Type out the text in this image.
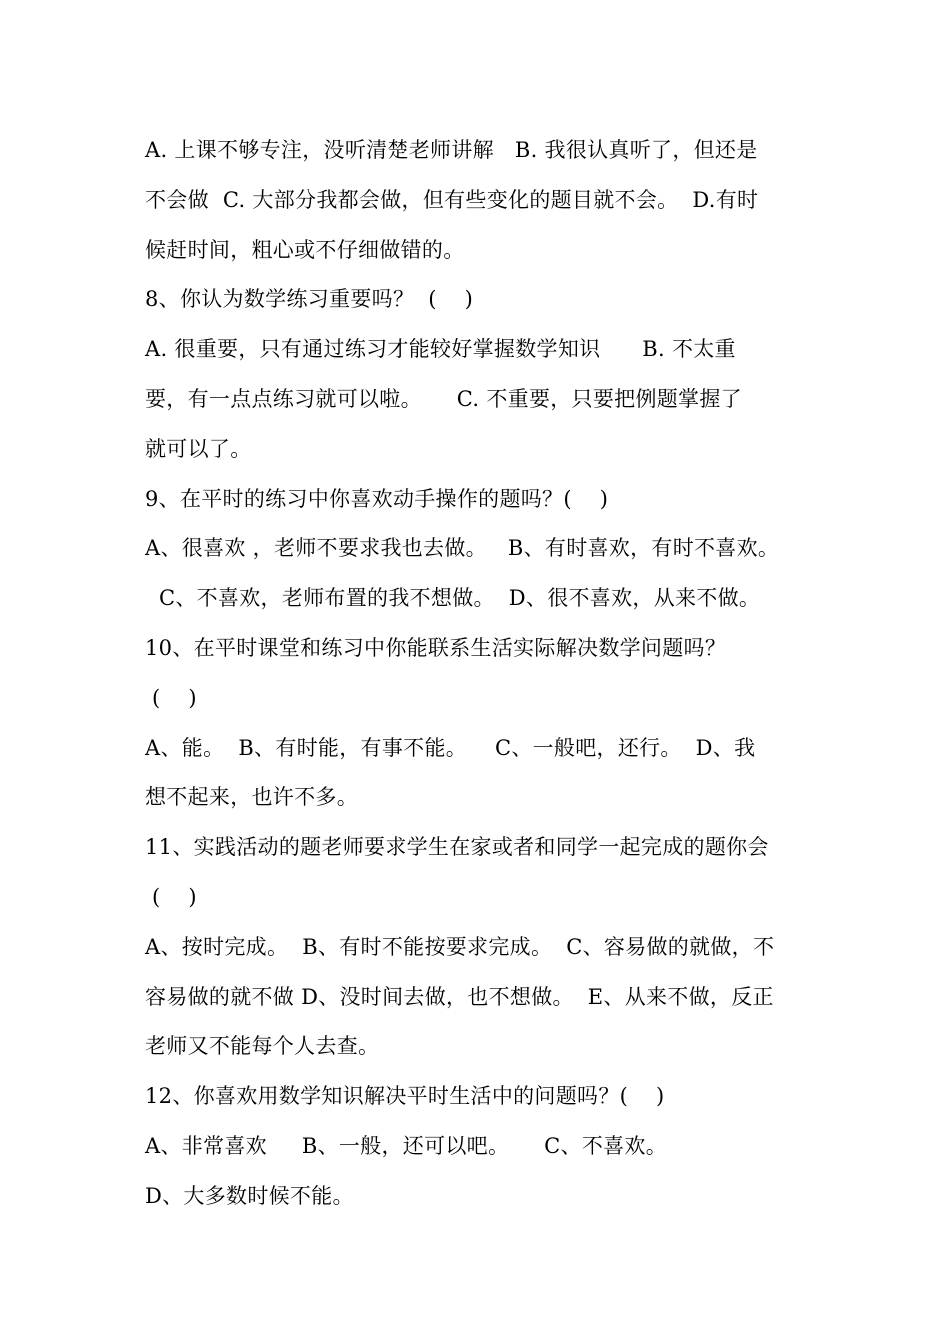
A. 上课不够专注，没听清楚老师讲解   B. 我很认真听了，但还是
不会做  C. 大部分我都会做，但有些变化的题目就不会。  D.有时
候赶时间，粗心或不仔细做错的。
8、你认为数学练习重要吗？  (    )
A. 很重要，只有通过练习才能较好掌握数学知识      B. 不太重
要，有一点点练习就可以啦。     C. 不重要，只要把例题掌握了
就可以了。
9、在平时的练习中你喜欢动手操作的题吗？(    )
A、很喜欢 ，老师不要求我也去做。   B、有时喜欢，有时不喜欢。
C、不喜欢，老师布置的我不想做。  D、很不喜欢，从来不做。
10、在平时课堂和练习中你能联系生活实际解决数学问题吗？
(    )
A、能。  B、有时能，有事不能。    C、一般吧，还行。  D、我
想不起来，也许不多。
11、实践活动的题老师要求学生在家或者和同学一起完成的题你会
(    )
A、按时完成。  B、有时不能按要求完成。  C、容易做的就做，不
容易做的就不做 D、没时间去做，也不想做。  E、从来不做，反正
老师又不能每个人去查。
12、你喜欢用数学知识解决平时生活中的问题吗？(    )
A、非常喜欢     B、一般，还可以吧。     C、不喜欢。
D、大多数时候不能。
